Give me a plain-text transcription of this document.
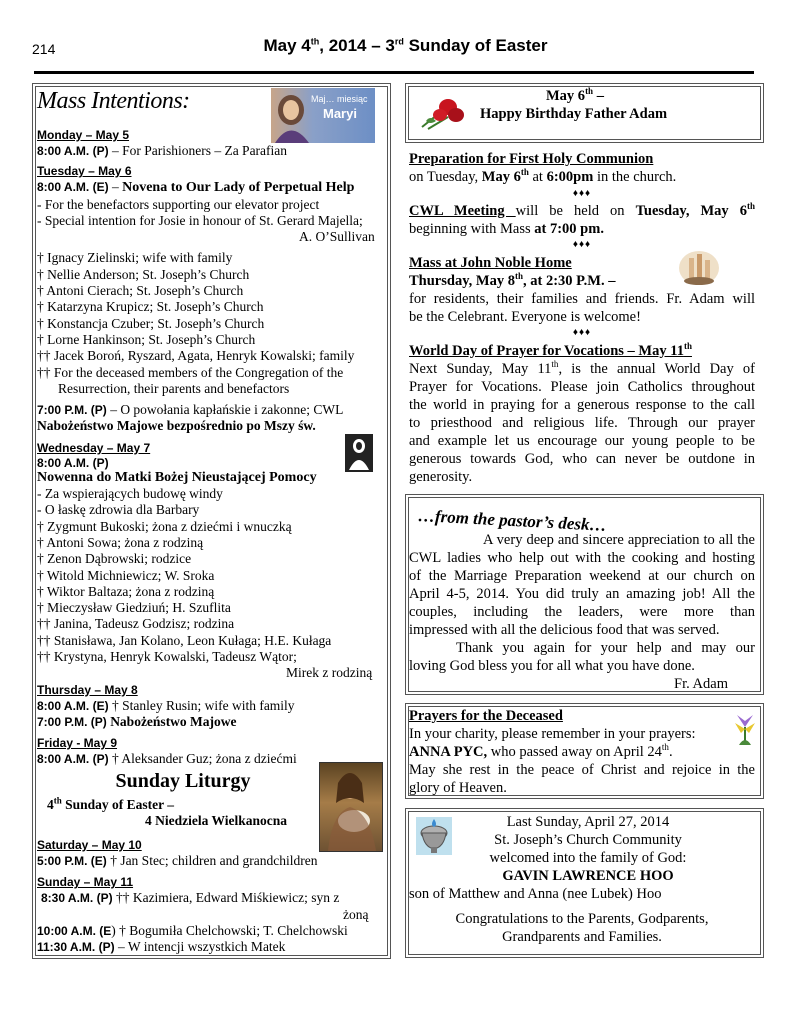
214	May 4th, 2014 – 3rd Sunday of Easter
Mass Intentions:	Maj… miesiąc
Maryi
Monday – May 5
8:00 A.M. (P) – For Parishioners – Za Parafian
Tuesday – May 6
8:00 A.M. (E) – Novena to Our Lady of Perpetual Help
- For the benefactors supporting our elevator project
- Special intention for Josie in honour of St. Gerard Majella;
A. O’Sullivan
† Ignacy Zielinski; wife with family
† Nellie Anderson; St. Joseph’s Church
† Antoni Cierach; St. Joseph’s Church
† Katarzyna Krupicz; St. Joseph’s Church
† Konstancja Czuber; St. Joseph’s Church
† Lorne Hankinson; St. Joseph’s Church
†† Jacek Boroń, Ryszard, Agata, Henryk Kowalski; family
†† For the deceased members of the Congregation of the
Resurrection, their parents and benefactors
7:00 P.M. (P) – O powołania kapłańskie i zakonne; CWL
Nabożeństwo Majowe bezpośrednio po Mszy św.
Wednesday – May 7
8:00 A.M. (P)
Nowenna do Matki Bożej Nieustającej Pomocy
- Za wspierających budowę windy
- O łaskę zdrowia dla Barbary
† Zygmunt Bukoski; żona z dziećmi i wnuczką
† Antoni Sowa; żona z rodziną
† Zenon Dąbrowski; rodzice
† Witold Michniewicz; W. Sroka
† Wiktor Baltaza; żona z rodziną
† Mieczysław Giedziuń; H. Szuflita
†† Janina, Tadeusz Godzisz; rodzina
†† Stanisława, Jan Kolano, Leon Kułaga; H.E. Kułaga
†† Krystyna, Henryk Kowalski, Tadeusz Wątor;
Mirek z rodziną
Thursday – May 8
8:00 A.M. (E) † Stanley Rusin; wife with family
7:00 P.M. (P) Nabożeństwo Majowe
Friday - May 9
8:00 A.M. (P) † Aleksander Guz; żona z dziećmi
Sunday Liturgy
4th Sunday of Easter –
4 Niedziela Wielkanocna
Saturday – May 10
5:00 P.M. (E) † Jan Stec; children and grandchildren
Sunday – May 11
8:30 A.M. (P) †† Kazimiera, Edward Miśkiewicz; syn z
żoną
10:00 A.M. (E) † Bogumiła Chelchowski; T. Chelchowski
11:30 A.M. (P) – W intencji wszystkich Matek
May 6th –
Happy Birthday Father Adam
Preparation for First Holy Communion
on Tuesday, May 6th at 6:00pm in the church.
♦♦♦
CWL Meeting will be held on Tuesday, May 6th
beginning with Mass at 7:00 pm.
♦♦♦
Mass at John Noble Home
Thursday, May 8th, at 2:30 P.M. –
for residents, their families and friends. Fr. Adam will
be the Celebrant. Everyone is welcome!
♦♦♦
World Day of Prayer for Vocations – May 11th
Next Sunday, May 11th, is the annual World Day of
Prayer for Vocations. Please join Catholics throughout
the world in praying for a generous response to the call
to priesthood and religious life. Through our prayer
and example let us encourage our young people to be
generous towards God, who can never be outdone in
generosity.
…from the pastor’s desk…
A very deep and sincere appreciation to all the
CWL ladies who help out with the cooking and hosting
of the Marriage Preparation weekend at our church on
April 4-5, 2014. You did truly an amazing job! All the
couples, including the leaders, were more than
impressed with all the delicious food that was served.
Thank you again for your help and may our
loving God bless you for all what you have done.
Fr. Adam
Prayers for the Deceased
In your charity, please remember in your prayers:
ANNA PYC, who passed away on April 24th.
May she rest in the peace of Christ and rejoice in the
glory of Heaven.
Last Sunday, April 27, 2014
St. Joseph’s Church Community
welcomed into the family of God:
GAVIN LAWRENCE HOO
son of Matthew and Anna (nee Lubek) Hoo
Congratulations to the Parents, Godparents,
Grandparents and Families.
